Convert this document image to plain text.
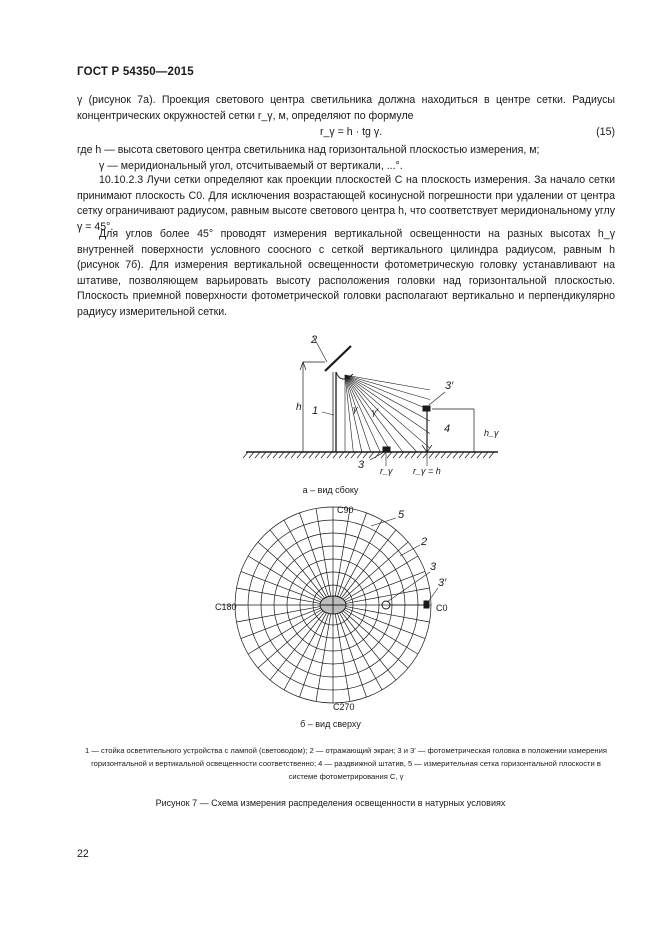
ГОСТ Р 54350—2015
γ (рисунок 7а). Проекция светового центра светильника должна находиться в центре сетки. Радиусы концентрических окружностей сетки r_γ, м, определяют по формуле
r_γ = h · tg γ.	(15)
где h — высота светового центра светильника над горизонтальной плоскостью измерения, м;
γ — меридиональный угол, отсчитываемый от вертикали, ...°.
10.10.2.3 Лучи сетки определяют как проекции плоскостей C на плоскость измерения. За начало сетки принимают плоскость C0. Для исключения возрастающей косинусной погрешности при удалении от центра сетку ограничивают радиусом, равным высоте светового центра h, что соответствует меридиональному углу γ = 45°.
Для углов более 45° проводят измерения вертикальной освещенности на разных высотах h_γ внутренней поверхности условного соосного с сеткой вертикального цилиндра радиусом, равным h (рисунок 7б). Для измерения вертикальной освещенности фотометрическую головку устанавливают на штативе, позволяющем варьировать высоту расположения головки над горизонтальной плоскостью. Плоскость приемной поверхности фотометрической головки располагают вертикально и перпендикулярно радиусу измерительной сетки.
2
1
h	γ γ′
3′
4	h_γ
3 r_γ r_γ = h
C90
C180	C0
C270
5
2
3
3′
а – вид сбоку
б – вид сверху
1 — стойка осветительного устройства с лампой (световодом); 2 — отражающий экран; 3 и 3′ — фотометрическая головка в положении измерения горизонтальной и вертикальной освещенности соответственно; 4 — раздвижной штатив, 5 — измерительная сетка горизонтальной плоскости в системе фотометрирования C, γ
Рисунок 7 — Схема измерения распределения освещенности в натурных условиях
22
